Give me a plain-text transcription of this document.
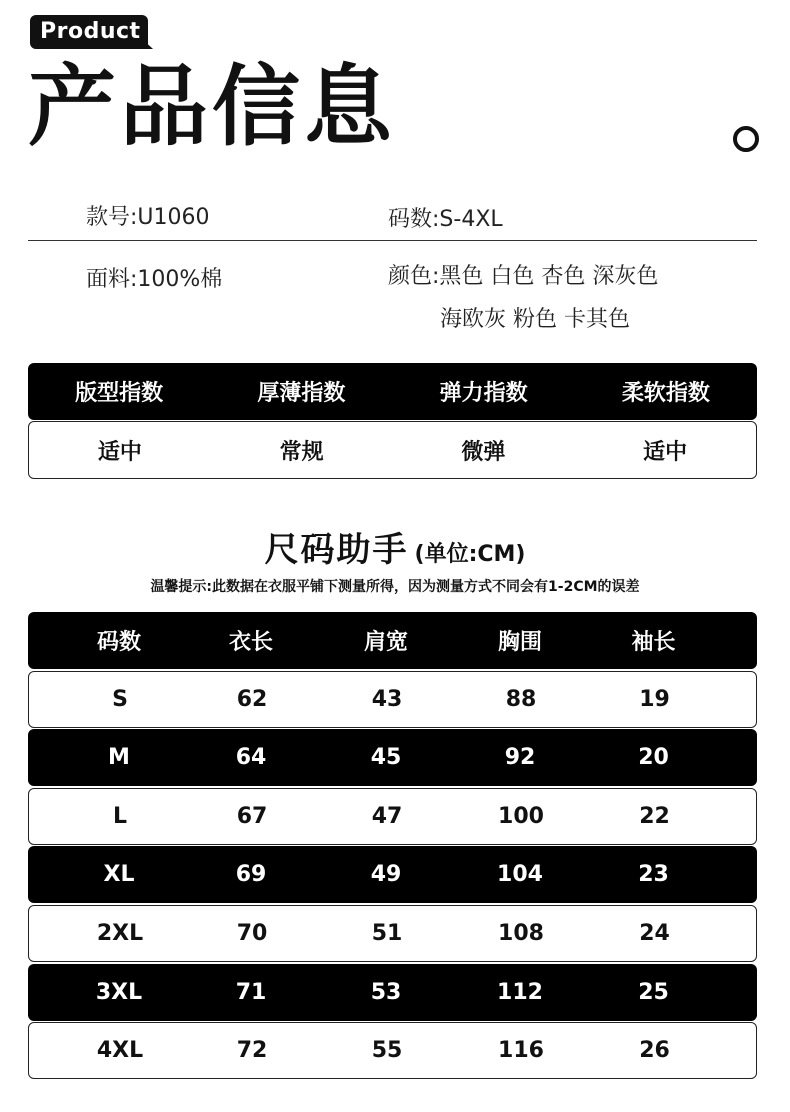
Product
产品信息
款号:U1060	码数:S-4XL
面料:100%棉	颜色:黑色 白色 杏色 深灰色
海欧灰 粉色 卡其色
版型指数	厚薄指数	弹力指数	柔软指数
适中	常规	微弹	适中
尺码助手 (单位:CM)
温馨提示:此数据在衣服平铺下测量所得，因为测量方式不同会有1-2CM的误差
码数	衣长	肩宽	胸围	袖长
S	62	43	88	19
M	64	45	92	20
L	67	47	100	22
XL	69	49	104	23
2XL	70	51	108	24
3XL	71	53	112	25
4XL	72	55	116	26
